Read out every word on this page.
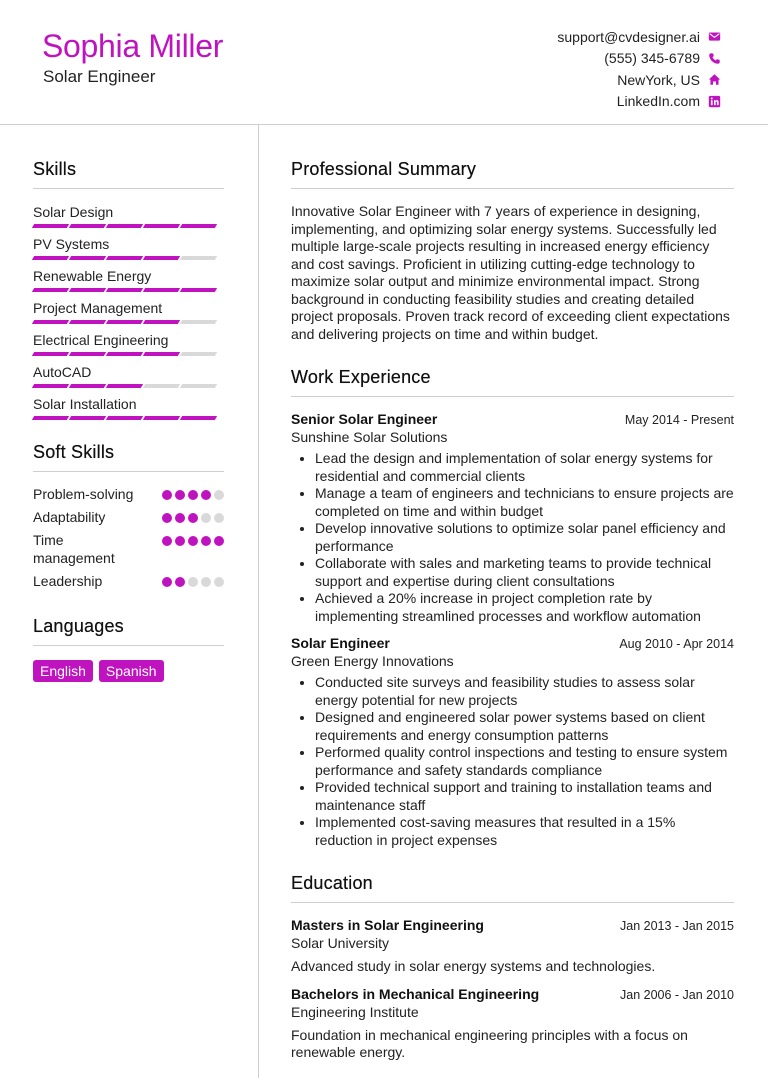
Sophia Miller
Solar Engineer
support@cvdesigner.ai
(555) 345-6789
NewYork, US
LinkedIn.com
Skills
Solar Design
PV Systems
Renewable Energy
Project Management
Electrical Engineering
AutoCAD
Solar Installation
Soft Skills
Problem-solving
Adaptability
Time management
Leadership
Languages
English	Spanish
Professional Summary
Innovative Solar Engineer with 7 years of experience in designing, implementing, and optimizing solar energy systems. Successfully led multiple large-scale projects resulting in increased energy efficiency and cost savings. Proficient in utilizing cutting-edge technology to maximize solar output and minimize environmental impact. Strong background in conducting feasibility studies and creating detailed project proposals. Proven track record of exceeding client expectations and delivering projects on time and within budget.
Work Experience
Senior Solar Engineer	May 2014 - Present
Sunshine Solar Solutions
• Lead the design and implementation of solar energy systems for residential and commercial clients
• Manage a team of engineers and technicians to ensure projects are completed on time and within budget
• Develop innovative solutions to optimize solar panel efficiency and performance
• Collaborate with sales and marketing teams to provide technical support and expertise during client consultations
• Achieved a 20% increase in project completion rate by implementing streamlined processes and workflow automation
Solar Engineer	Aug 2010 - Apr 2014
Green Energy Innovations
• Conducted site surveys and feasibility studies to assess solar energy potential for new projects
• Designed and engineered solar power systems based on client requirements and energy consumption patterns
• Performed quality control inspections and testing to ensure system performance and safety standards compliance
• Provided technical support and training to installation teams and maintenance staff
• Implemented cost-saving measures that resulted in a 15% reduction in project expenses
Education
Masters in Solar Engineering	Jan 2013 - Jan 2015
Solar University
Advanced study in solar energy systems and technologies.
Bachelors in Mechanical Engineering	Jan 2006 - Jan 2010
Engineering Institute
Foundation in mechanical engineering principles with a focus on renewable energy.
